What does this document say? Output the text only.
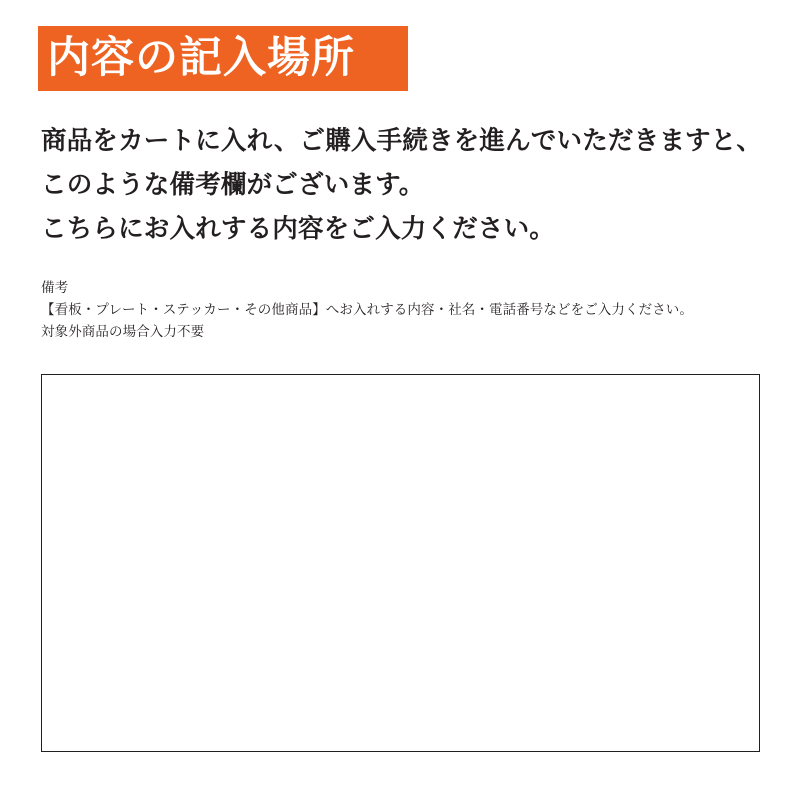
内容の記入場所
商品をカートに入れ、ご購入手続きを進んでいただきますと、
このような備考欄がございます。
こちらにお入れする内容をご入力ください。
備考
【看板・プレート・ステッカー・その他商品】へお入れする内容・社名・電話番号などをご入力ください。
対象外商品の場合入力不要
